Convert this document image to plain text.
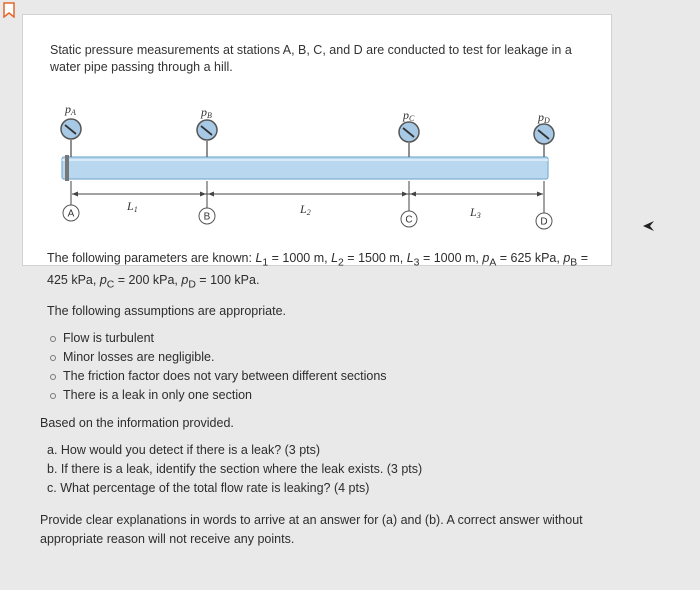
Static pressure measurements at stations A, B, C, and D are conducted to test for leakage in a water pipe passing through a hill.
pA	pB	pC	pD
L1	L2	L3
A	B	C	D
The following parameters are known: $L_1 = 1000$ m, $L_2 = 1500$ m, $L_3 = 1000$ m, $p_A = 625$ kPa, $p_B = 425$ kPa, $p_C = 200$ kPa, $p_D = 100$ kPa.
The following assumptions are appropriate.
Flow is turbulent
Minor losses are negligible.
The friction factor does not vary between different sections
There is a leak in only one section
Based on the information provided.
a. How would you detect if there is a leak? (3 pts)
b. If there is a leak, identify the section where the leak exists. (3 pts)
c. What percentage of the total flow rate is leaking? (4 pts)
Provide clear explanations in words to arrive at an answer for (a) and (b). A correct answer without appropriate reason will not receive any points.
